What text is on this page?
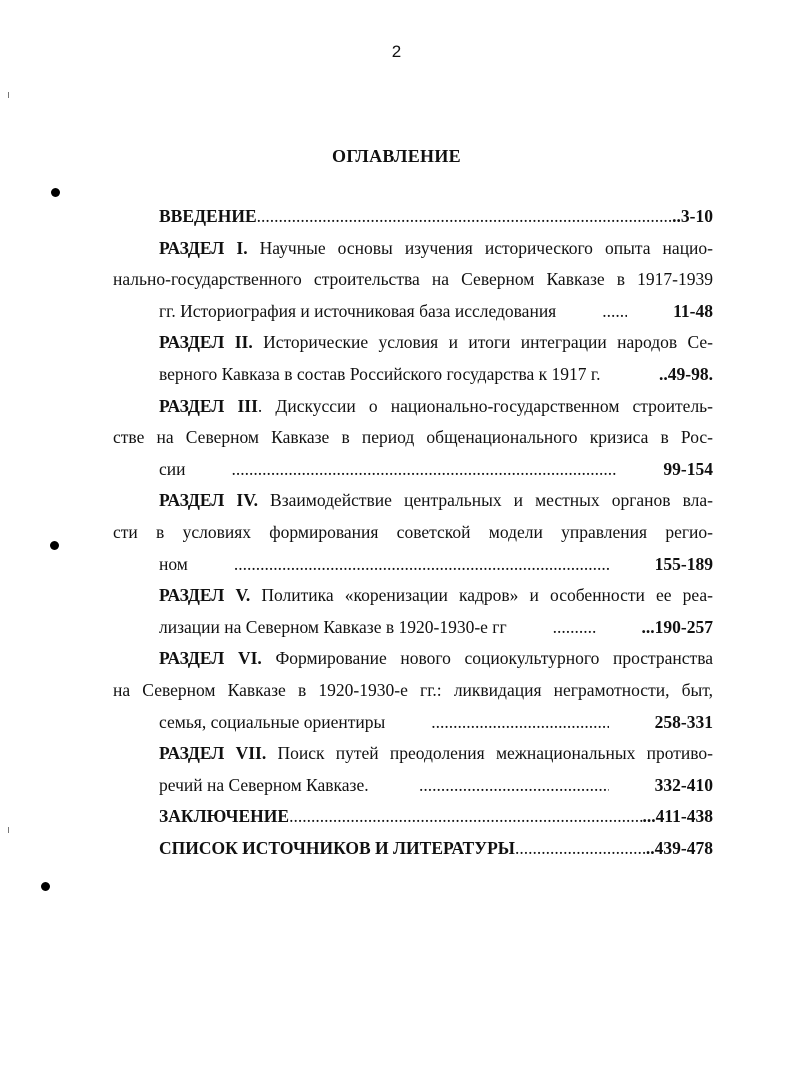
2
ОГЛАВЛЕНИЕ
ВВЕДЕНИЕ .....	..3-10
РАЗДЕЛ I. Научные основы изучения исторического опыта нацио-
нально-государственного строительства на Северном Кавказе в 1917-1939
гг. Историография и источниковая база исследования .....	11-48
РАЗДЕЛ II. Исторические условия и итоги интеграции народов Се-
верного Кавказа в состав Российского государства к 1917 г. .....	..49-98.
РАЗДЕЛ III. Дискуссии о национально-государственном строитель-
стве на Северном Кавказе в период общенационального кризиса в Рос-
сии .....	99-154
РАЗДЕЛ IV. Взаимодействие центральных и местных органов вла-
сти в условиях формирования советской модели управления регио-
ном .....	155-189
РАЗДЕЛ V. Политика «коренизации кадров» и особенности ее реа-
лизации на Северном Кавказе в 1920-1930-е гг .....	...190-257
РАЗДЕЛ VI. Формирование нового социокультурного пространства
на Северном Кавказе в 1920-1930-е гг.: ликвидация неграмотности, быт,
семья, социальные ориентиры .....	258-331
РАЗДЕЛ VII. Поиск путей преодоления межнациональных противо-
речий на Северном Кавказе. .....	332-410
ЗАКЛЮЧЕНИЕ .....	...411-438
СПИСОК ИСТОЧНИКОВ И ЛИТЕРАТУРЫ .....	..439-478
